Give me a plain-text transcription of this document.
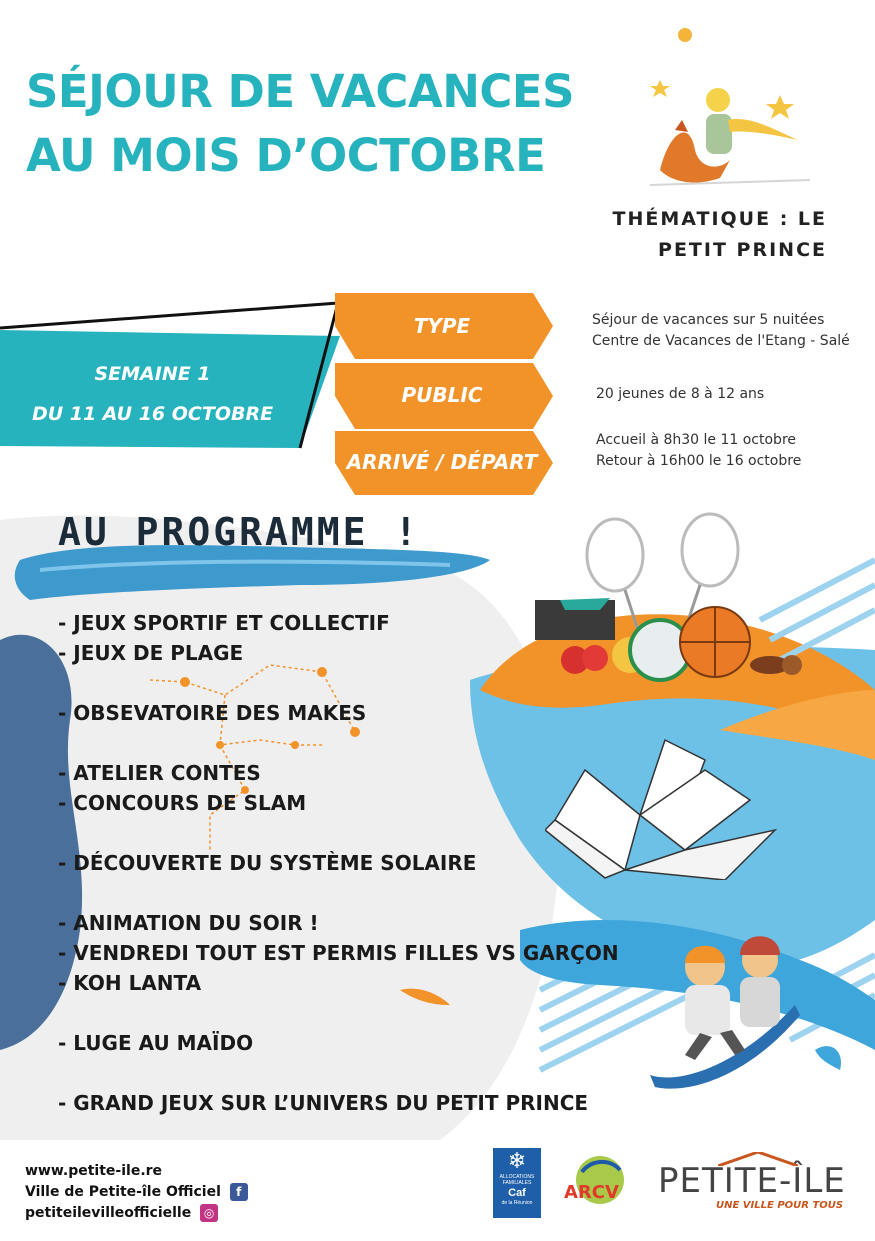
SÉJOUR DE VACANCES
AU MOIS D’OCTOBRE
THÉMATIQUE : LE
PETIT PRINCE
SEMAINE 1
DU 11 AU 16 OCTOBRE
TYPE
PUBLIC
ARRIVÉ / DÉPART
Séjour de vacances sur 5 nuitées
Centre de Vacances de l'Etang - Salé
20 jeunes de 8 à 12 ans
Accueil à 8h30 le 11 octobre
Retour à 16h00 le 16 octobre
AU PROGRAMME !
- JEUX SPORTIF ET COLLECTIF
- JEUX DE PLAGE
- OBSEVATOIRE DES MAKES
- ATELIER CONTES
- CONCOURS DE SLAM
- DÉCOUVERTE DU SYSTÈME SOLAIRE
- ANIMATION DU SOIR !
- VENDREDI TOUT EST PERMIS FILLES VS GARÇON
- KOH LANTA
- LUGE AU MAÏDO
- GRAND JEUX SUR L’UNIVERS DU PETIT PRINCE
www.petite-ile.re
Ville de Petite-île Officiel f
petiteilevilleofficielle ◎
❄
ALLOCATIONS FAMILIALES
Caf
de la Réunion	ARCV PETITE-ÎLE
UNE VILLE POUR TOUS
